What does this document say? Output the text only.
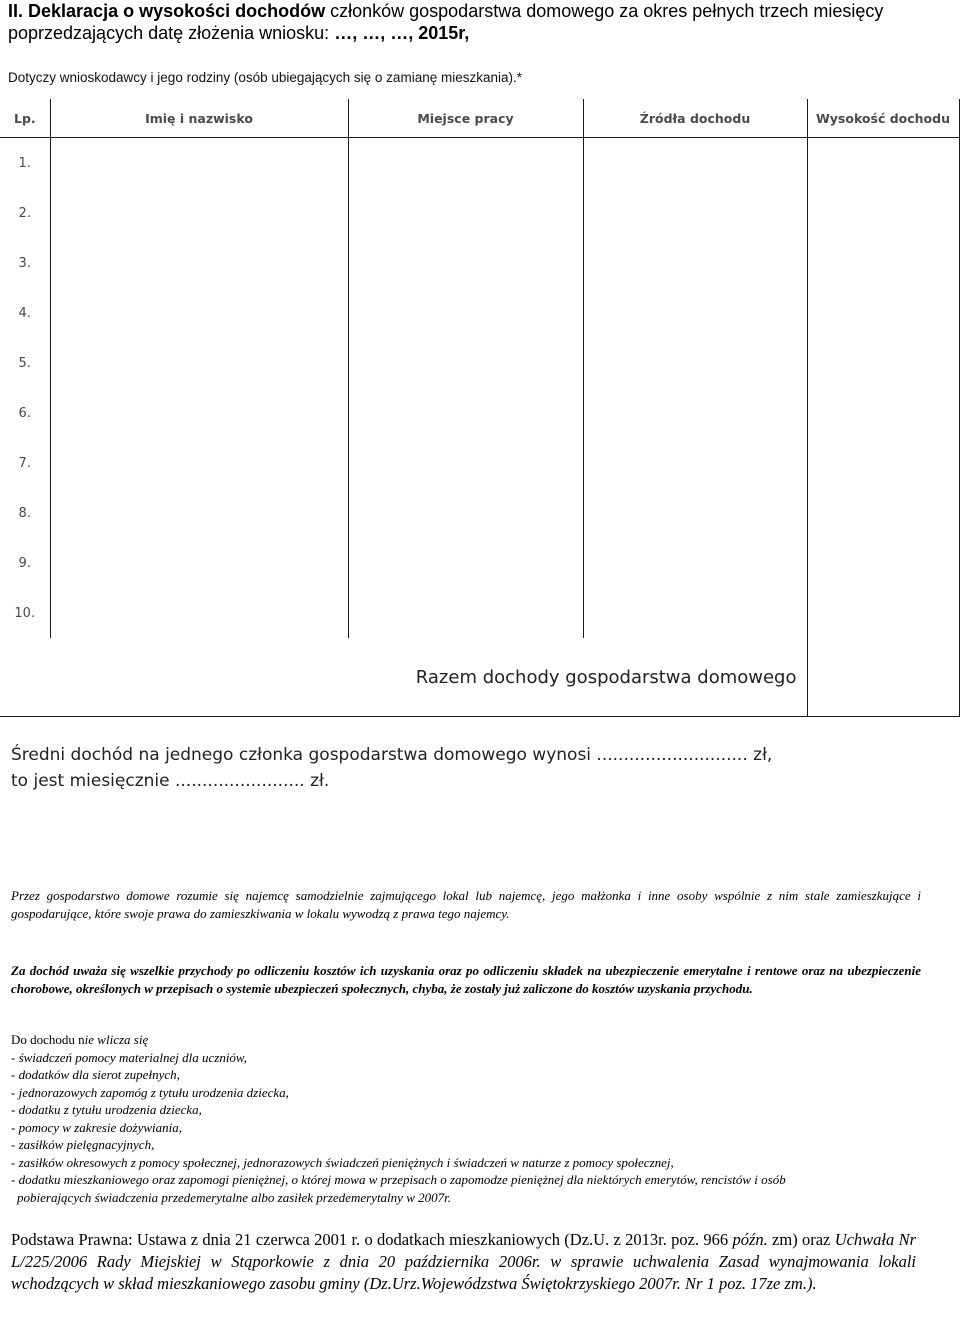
II. Deklaracja o wysokości dochodów członków gospodarstwa domowego za okres pełnych trzech miesięcy poprzedzających datę złożenia wniosku: …, …, …, 2015r,
Dotyczy wnioskodawcy i jego rodziny (osób ubiegających się o zamianę mieszkania).*
Lp.	Imię i nazwisko	Miejsce pracy	Źródła dochodu	Wysokość dochodu
1.				
2.				
3.				
4.				
5.				
6.				
7.				
8.				
9.				
10.				
	Razem dochody gospodarstwa domowego			
Średni dochód na jednego członka gospodarstwa domowego wynosi ............................ zł,
to jest miesięcznie ........................ zł.
Przez gospodarstwo domowe rozumie się najemcę samodzielnie zajmującego lokal lub najemcę, jego małżonka i inne osoby wspólnie z nim stale zamieszkujące i gospodarujące, które swoje prawa do zamieszkiwania w lokalu wywodzą z prawa tego najemcy.
Za dochód uważa się wszelkie przychody po odliczeniu kosztów ich uzyskania oraz po odliczeniu składek na ubezpieczenie emerytalne i rentowe oraz na ubezpieczenie chorobowe, określonych w przepisach o systemie ubezpieczeń społecznych, chyba, że zostały już zaliczone do kosztów uzyskania przychodu.
Do dochodu nie wlicza się
- świadczeń pomocy materialnej dla uczniów,
- dodatków dla sierot zupełnych,
- jednorazowych zapomóg z tytułu urodzenia dziecka,
- dodatku z tytułu urodzenia dziecka,
- pomocy w zakresie dożywiania,
- zasiłków pielęgnacyjnych,
- zasiłków okresowych z pomocy społecznej, jednorazowych świadczeń pieniężnych i świadczeń w naturze z pomocy społecznej,
- dodatku mieszkaniowego oraz zapomogi pieniężnej, o której mowa w przepisach o zapomodze pieniężnej dla niektórych emerytów, rencistów i osób
pobierających świadczenia przedemerytalne albo zasiłek przedemerytalny w 2007r.
Podstawa Prawna: Ustawa z dnia 21 czerwca 2001 r. o dodatkach mieszkaniowych (Dz.U. z 2013r. poz. 966 późn. zm) oraz Uchwała Nr L/225/2006 Rady Miejskiej w Stąporkowie z dnia 20 października 2006r. w sprawie uchwalenia Zasad wynajmowania lokali wchodzących w skład mieszkaniowego zasobu gminy (Dz.Urz.Wojewódzstwa Świętokrzyskiego 2007r. Nr 1 poz. 17ze zm.).
